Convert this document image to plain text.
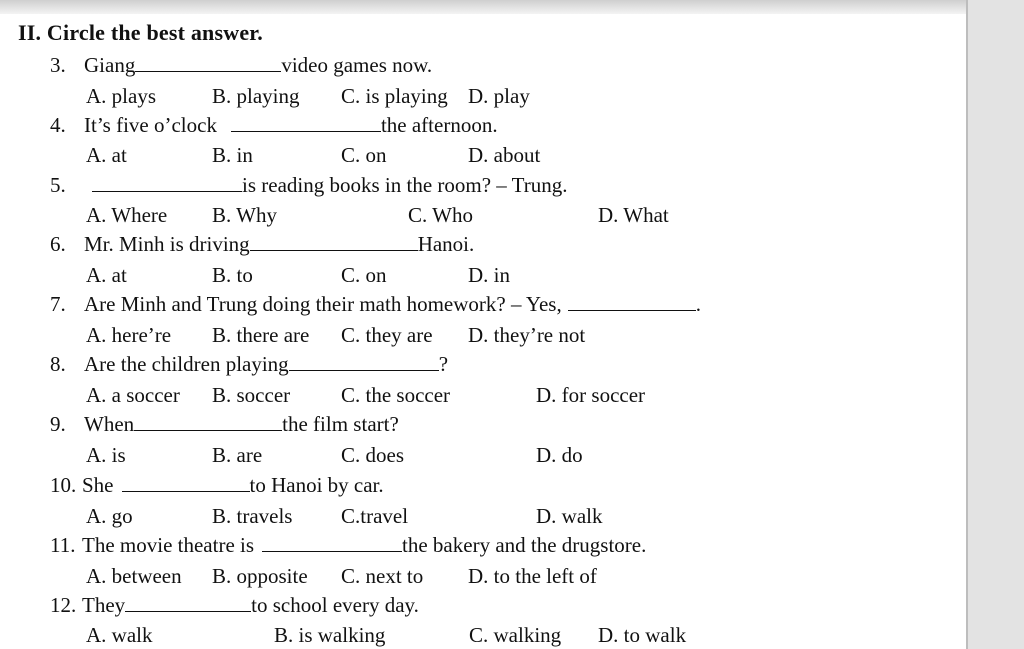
II. Circle the best answer.
3. Giang	video games now.
A. plays	B. playing C. is playing D. play
4. It’s five o’clock	the afternoon.
A. at	B. in	C. on	D. about
5.	is reading books in the room? – Trung.
A. Where B. Why	C. Who	D. What
6. Mr. Minh is driving	Hanoi.
A. at	B. to	C. on	D. in
7. Are Minh and Trung doing their math homework? – Yes,	.
A. here’re B. there are C. they are D. they’re not
8. Are the children playing	?
A. a soccer B. soccer C. the soccer	D. for soccer
9. When	the film start?
A. is	B. are	C. does	D. do
10. She	to Hanoi by car.
A. go	B. travels C.travel	D. walk
11. The movie theatre is	the bakery and the drugstore.
A. between B. opposite C. next to D. to the left of
12. They	to school every day.
A. walk	B. is walking	C. walking D. to walk
